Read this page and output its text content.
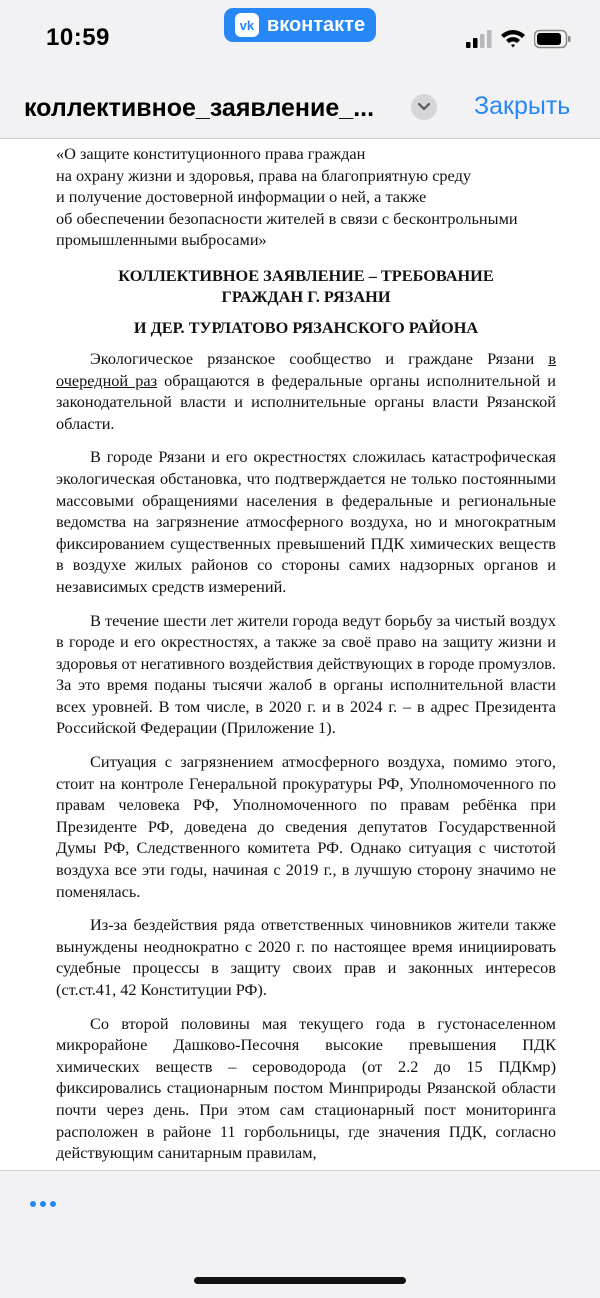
10:59	vk вконтакте
коллективное_заявление_...	Закрыть
«О защите конституционного права граждан
на охрану жизни и здоровья, права на благоприятную среду
и получение достоверной информации о ней, а также
об обеспечении безопасности жителей в связи с бесконтрольными
промышленными выбросами»
КОЛЛЕКТИВНОЕ ЗАЯВЛЕНИЕ – ТРЕБОВАНИЕ
ГРАЖДАН Г. РЯЗАНИ
И ДЕР. ТУРЛАТОВО РЯЗАНСКОГО РАЙОНА

Экологическое рязанское сообщество и граждане Рязани в очередной раз обращаются в федеральные органы исполнительной и законодательной власти и исполнительные органы власти Рязанской области.

В городе Рязани и его окрестностях сложилась катастрофическая экологическая обстановка, что подтверждается не только постоянными массовыми обращениями населения в федеральные и региональные ведомства на загрязнение атмосферного воздуха, но и многократным фиксированием существенных превышений ПДК химических веществ в воздухе жилых районов со стороны самих надзорных органов и независимых средств измерений.

В течение шести лет жители города ведут борьбу за чистый воздух в городе и его окрестностях, а также за своё право на защиту жизни и здоровья от негативного воздействия действующих в городе промузлов. За это время поданы тысячи жалоб в органы исполнительной власти всех уровней. В том числе, в 2020 г. и в 2024 г. – в адрес Президента Российской Федерации (Приложение 1).

Ситуация с загрязнением атмосферного воздуха, помимо этого, стоит на контроле Генеральной прокуратуры РФ, Уполномоченного по правам человека РФ, Уполномоченного по правам ребёнка при Президенте РФ, доведена до сведения депутатов Государственной Думы РФ, Следственного комитета РФ. Однако ситуация с чистотой воздуха все эти годы, начиная с 2019 г., в лучшую сторону значимо не поменялась.

Из-за бездействия ряда ответственных чиновников жители также вынуждены неоднократно с 2020 г. по настоящее время инициировать судебные процессы в защиту своих прав и законных интересов (ст.ст.41, 42 Конституции РФ).

Со второй половины мая текущего года в густонаселенном микрорайоне Дашково-Песочня высокие превышения ПДК химических веществ – сероводорода (от 2.2 до 15 ПДКмр) фиксировались стационарным постом Минприроды Рязанской области почти через день. При этом сам стационарный пост мониторинга расположен в районе 11 горбольницы, где значения ПДК, согласно действующим санитарным правилам,
